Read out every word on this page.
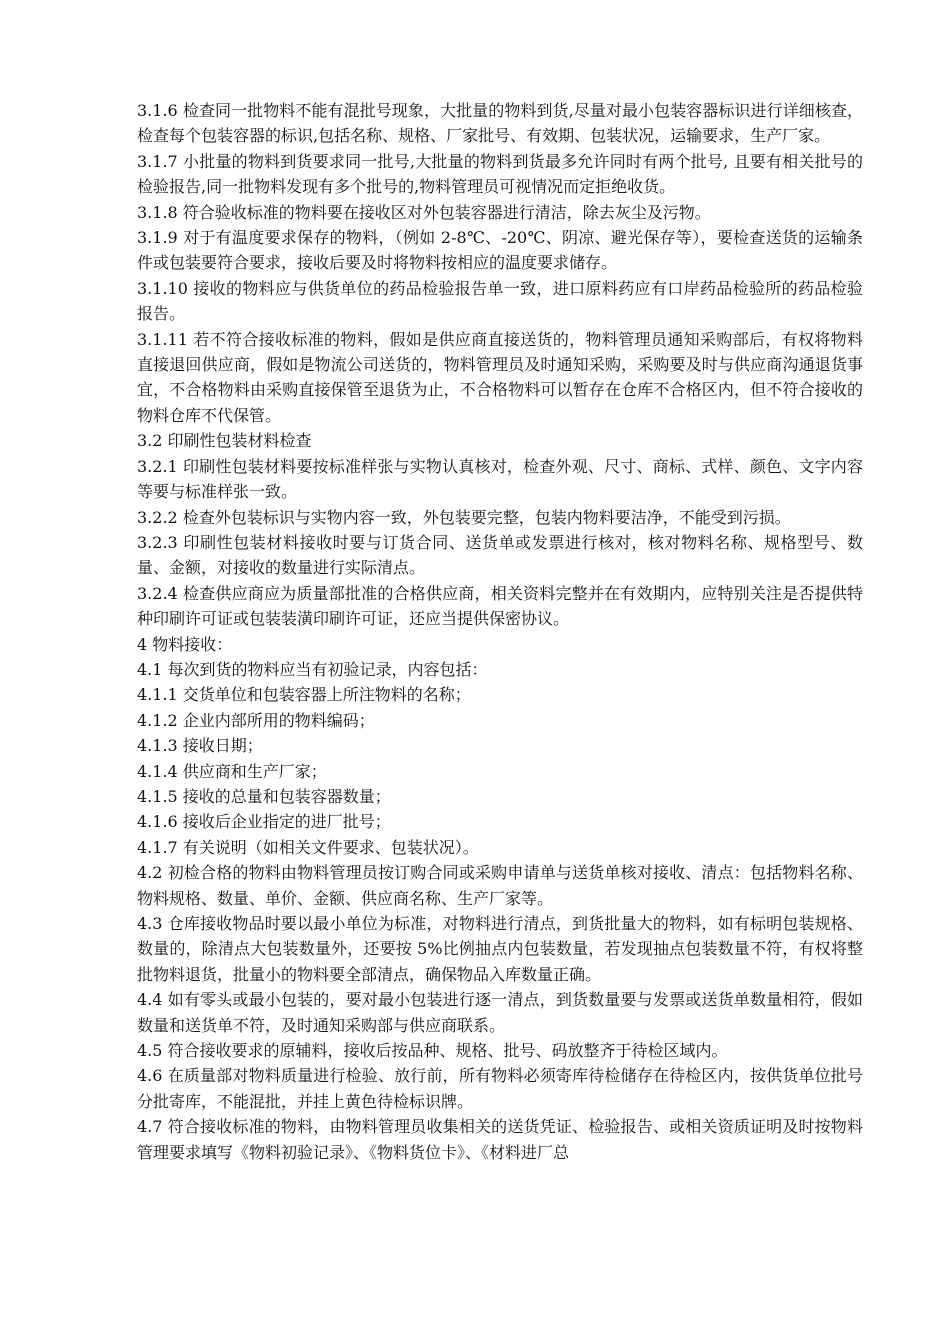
3.1.6 检查同一批物料不能有混批号现象，大批量的物料到货,尽量对最小包装容器标识进行详细核查，检查每个包装容器的标识,包括名称、规格、厂家批号、有效期、包装状况，运输要求，生产厂家。

3.1.7 小批量的物料到货要求同一批号,大批量的物料到货最多允许同时有两个批号, 且要有相关批号的检验报告,同一批物料发现有多个批号的,物料管理员可视情况而定拒绝收货。

3.1.8 符合验收标准的物料要在接收区对外包装容器进行清洁，除去灰尘及污物。

3.1.9 对于有温度要求保存的物料，（例如 2-8℃、-20℃、阴凉、避光保存等），要检查送货的运输条件或包装要符合要求，接收后要及时将物料按相应的温度要求储存。

3.1.10 接收的物料应与供货单位的药品检验报告单一致，进口原料药应有口岸药品检验所的药品检验报告。

3.1.11 若不符合接收标准的物料，假如是供应商直接送货的，物料管理员通知采购部后，有权将物料直接退回供应商，假如是物流公司送货的，物料管理员及时通知采购，采购要及时与供应商沟通退货事宜，不合格物料由采购直接保管至退货为止，不合格物料可以暂存在仓库不合格区内，但不符合接收的物料仓库不代保管。

3.2 印刷性包装材料检查

3.2.1 印刷性包装材料要按标准样张与实物认真核对，检查外观、尺寸、商标、式样、颜色、文字内容等要与标准样张一致。

3.2.2 检查外包装标识与实物内容一致，外包装要完整，包装内物料要洁净，不能受到污损。

3.2.3 印刷性包装材料接收时要与订货合同、送货单或发票进行核对，核对物料名称、规格型号、数量、金额，对接收的数量进行实际清点。

3.2.4 检查供应商应为质量部批准的合格供应商，相关资料完整并在有效期内，应特别关注是否提供特种印刷许可证或包装装潢印刷许可证，还应当提供保密协议。

4 物料接收：

4.1 每次到货的物料应当有初验记录，内容包括：

4.1.1 交货单位和包装容器上所注物料的名称；

4.1.2 企业内部所用的物料编码；

4.1.3 接收日期；

4.1.4 供应商和生产厂家；

4.1.5 接收的总量和包装容器数量；

4.1.6 接收后企业指定的进厂批号；

4.1.7 有关说明（如相关文件要求、包装状况）。

4.2 初检合格的物料由物料管理员按订购合同或采购申请单与送货单核对接收、清点：包括物料名称、物料规格、数量、单价、金额、供应商名称、生产厂家等。

4.3 仓库接收物品时要以最小单位为标准，对物料进行清点，到货批量大的物料，如有标明包装规格、数量的，除清点大包装数量外，还要按 5%比例抽点内包装数量，若发现抽点包装数量不符，有权将整批物料退货，批量小的物料要全部清点，确保物品入库数量正确。

4.4 如有零头或最小包装的，要对最小包装进行逐一清点，到货数量要与发票或送货单数量相符，假如数量和送货单不符，及时通知采购部与供应商联系。

4.5 符合接收要求的原辅料，接收后按品种、规格、批号、码放整齐于待检区域内。

4.6 在质量部对物料质量进行检验、放行前，所有物料必须寄库待检储存在待检区内，按供货单位批号分批寄库，不能混批，并挂上黄色待检标识牌。

4.7 符合接收标准的物料，由物料管理员收集相关的送货凭证、检验报告、或相关资质证明及时按物料管理要求填写《物料初验记录》、《物料货位卡》、《材料进厂总
